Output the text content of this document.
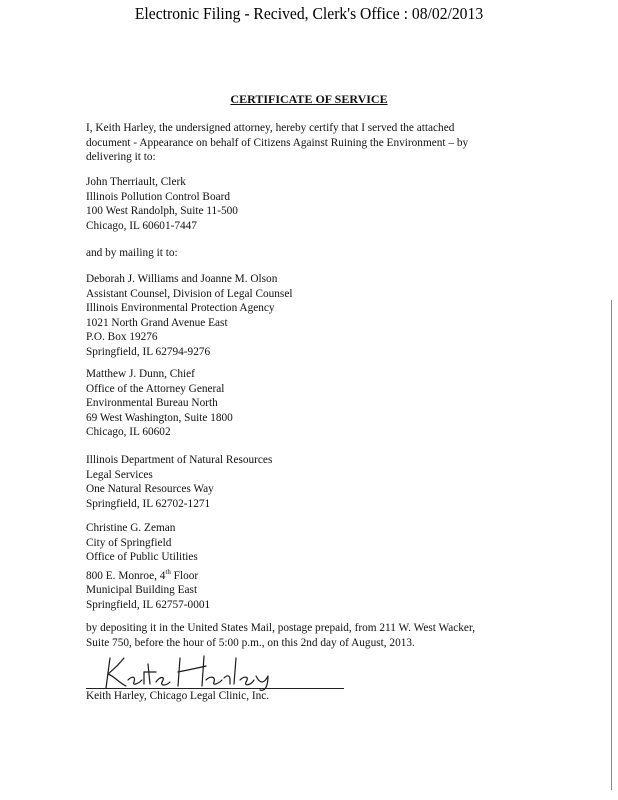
Electronic Filing - Recived, Clerk's Office : 08/02/2013
CERTIFICATE OF SERVICE
I, Keith Harley, the undersigned attorney, hereby certify that I served the attached
document - Appearance on behalf of Citizens Against Ruining the Environment – by
delivering it to:
John Therriault, Clerk
Illinois Pollution Control Board
100 West Randolph, Suite 11-500
Chicago, IL 60601-7447
and by mailing it to:
Deborah J. Williams and Joanne M. Olson
Assistant Counsel, Division of Legal Counsel
Illinois Environmental Protection Agency
1021 North Grand Avenue East
P.O. Box 19276
Springfield, IL 62794-9276
Matthew J. Dunn, Chief
Office of the Attorney General
Environmental Bureau North
69 West Washington, Suite 1800
Chicago, IL 60602
Illinois Department of Natural Resources
Legal Services
One Natural Resources Way
Springfield, IL 62702-1271
Christine G. Zeman
City of Springfield
Office of Public Utilities
800 E. Monroe, 4th Floor
Municipal Building East
Springfield, IL 62757-0001
by depositing it in the United States Mail, postage prepaid, from 211 W. West Wacker,
Suite 750, before the hour of 5:00 p.m., on this 2nd day of August, 2013.
Keith Harley, Chicago Legal Clinic, Inc.
